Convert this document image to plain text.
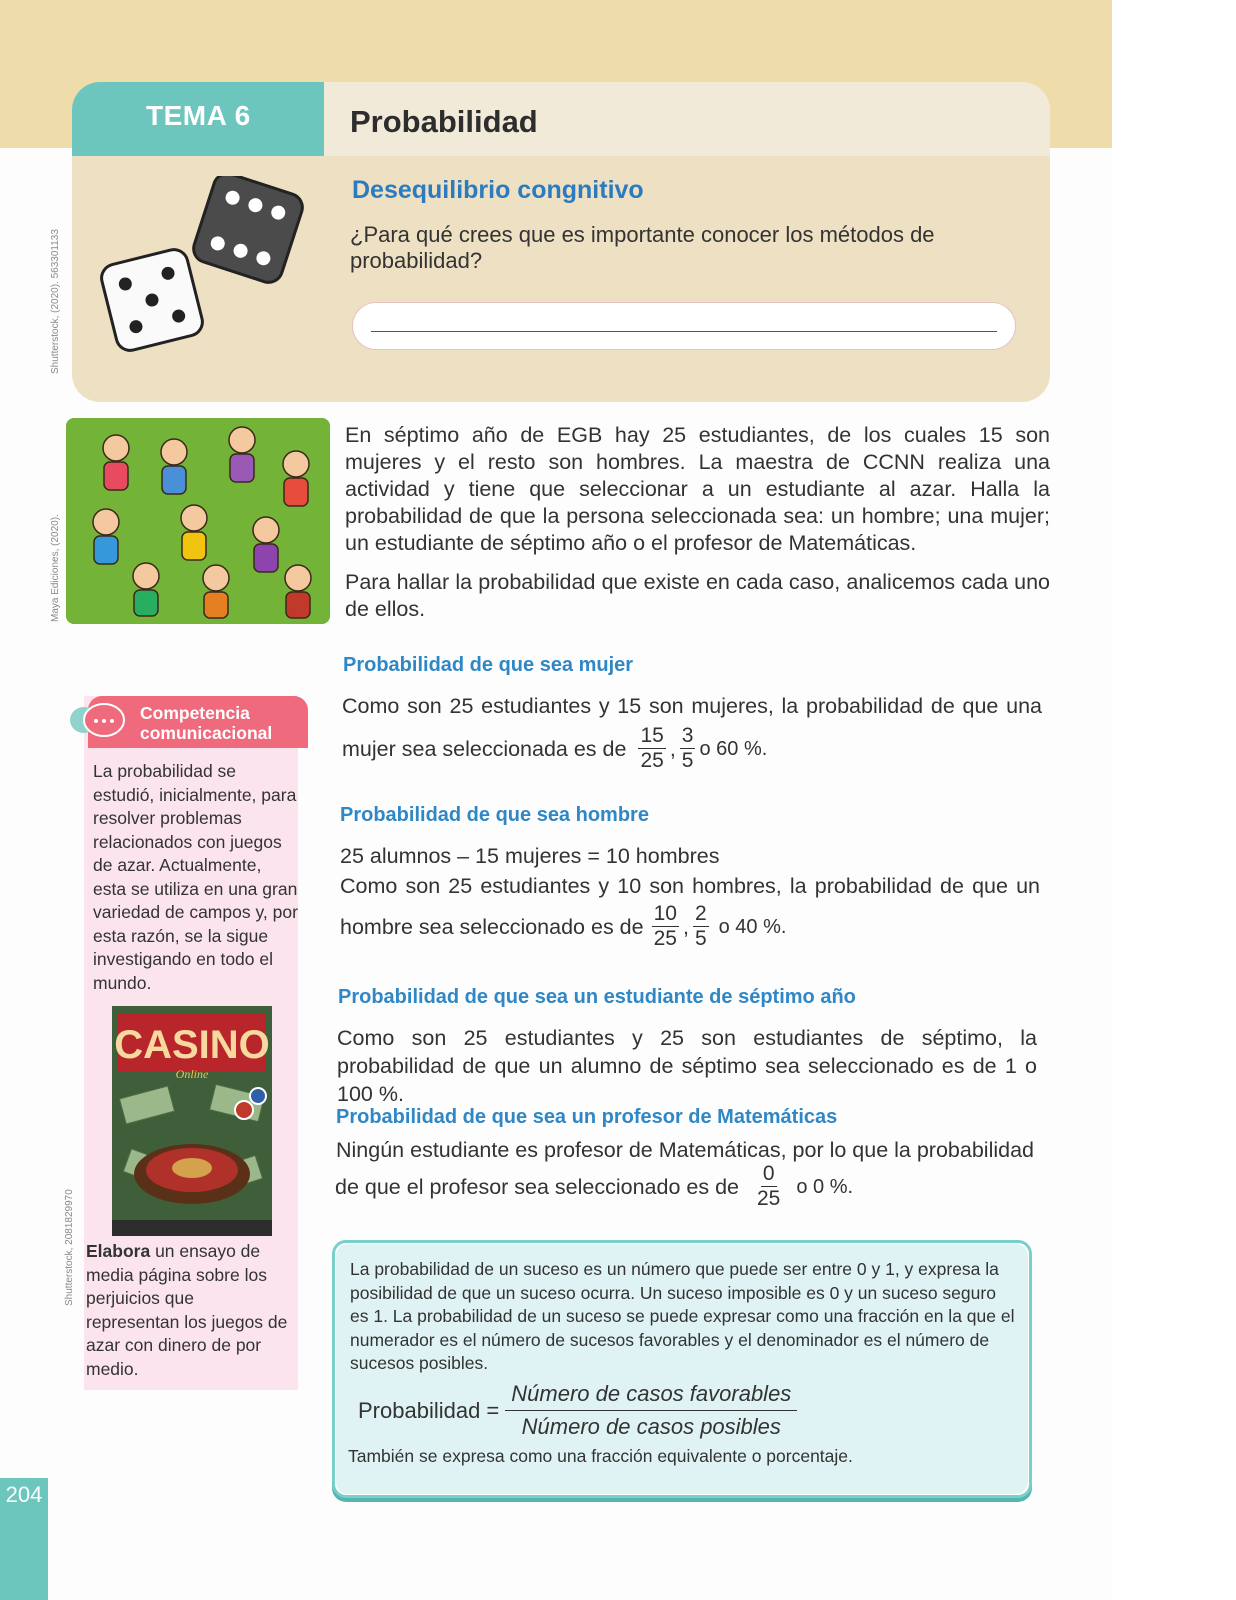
Shutterstock, (2020). 563301133
Maya Ediciones, (2020).
Shutterstock, 2081829970
TEMA 6	Probabilidad
Desequilibrio congnitivo
¿Para qué crees que es importante conocer los métodos de probabilidad?

En séptimo año de EGB hay 25 estudiantes, de los cuales 15 son mujeres y el resto son hombres. La maestra de CCNN realiza una actividad y tiene que seleccionar a un estudiante al azar. Halla la probabilidad de que la persona seleccionada sea: un hombre; una mujer; un estudiante de séptimo año o el profesor de Matemáticas.

Para hallar la probabilidad que existe en cada caso, analicemos cada uno de ellos.

Probabilidad de que sea mujer
Como son 25 estudiantes y 15 son mujeres, la probabilidad de que una
mujer sea seleccionada es de $\frac{15}{25}$ , $\frac{3}{5}$ o 60 %.
Probabilidad de que sea hombre
25 alumnos – 15 mujeres = 10 hombres
Como son 25 estudiantes y 10 son hombres, la probabilidad de que un
hombre sea seleccionado es de $\frac{10}{25}$ , $\frac{2}{5}$ o 40 %.
Probabilidad de que sea un estudiante de séptimo año
Como son 25 estudiantes y 25 son estudiantes de séptimo, la probabilidad de que un alumno de séptimo sea seleccionado es de 1 o 100 %.
Probabilidad de que sea un profesor de Matemáticas
Ningún estudiante es profesor de Matemáticas, por lo que la probabilidad
de que el profesor sea seleccionado es de $\frac{0}{25}$ o 0 %.
Competencia comunicacional
La probabilidad se estudió, inicialmente, para resolver problemas relacionados con juegos de azar. Actualmente, esta se utiliza en una gran variedad de campos y, por esta razón, se la sigue investigando en todo el mundo.
CASINO
Online
Elabora un ensayo de media página sobre los perjuicios que representan los juegos de azar con dinero de por medio.
La probabilidad de un suceso es un número que puede ser entre 0 y 1, y expresa la posibilidad de que un suceso ocurra. Un suceso imposible es 0 y un suceso seguro es 1. La probabilidad de un suceso se puede expresar como una fracción en la que el numerador es el número de sucesos favorables y el denominador es el número de sucesos posibles.
Probabilidad =
Número de casos favorables
Número de casos posibles
También se expresa como una fracción equivalente o porcentaje.
204
